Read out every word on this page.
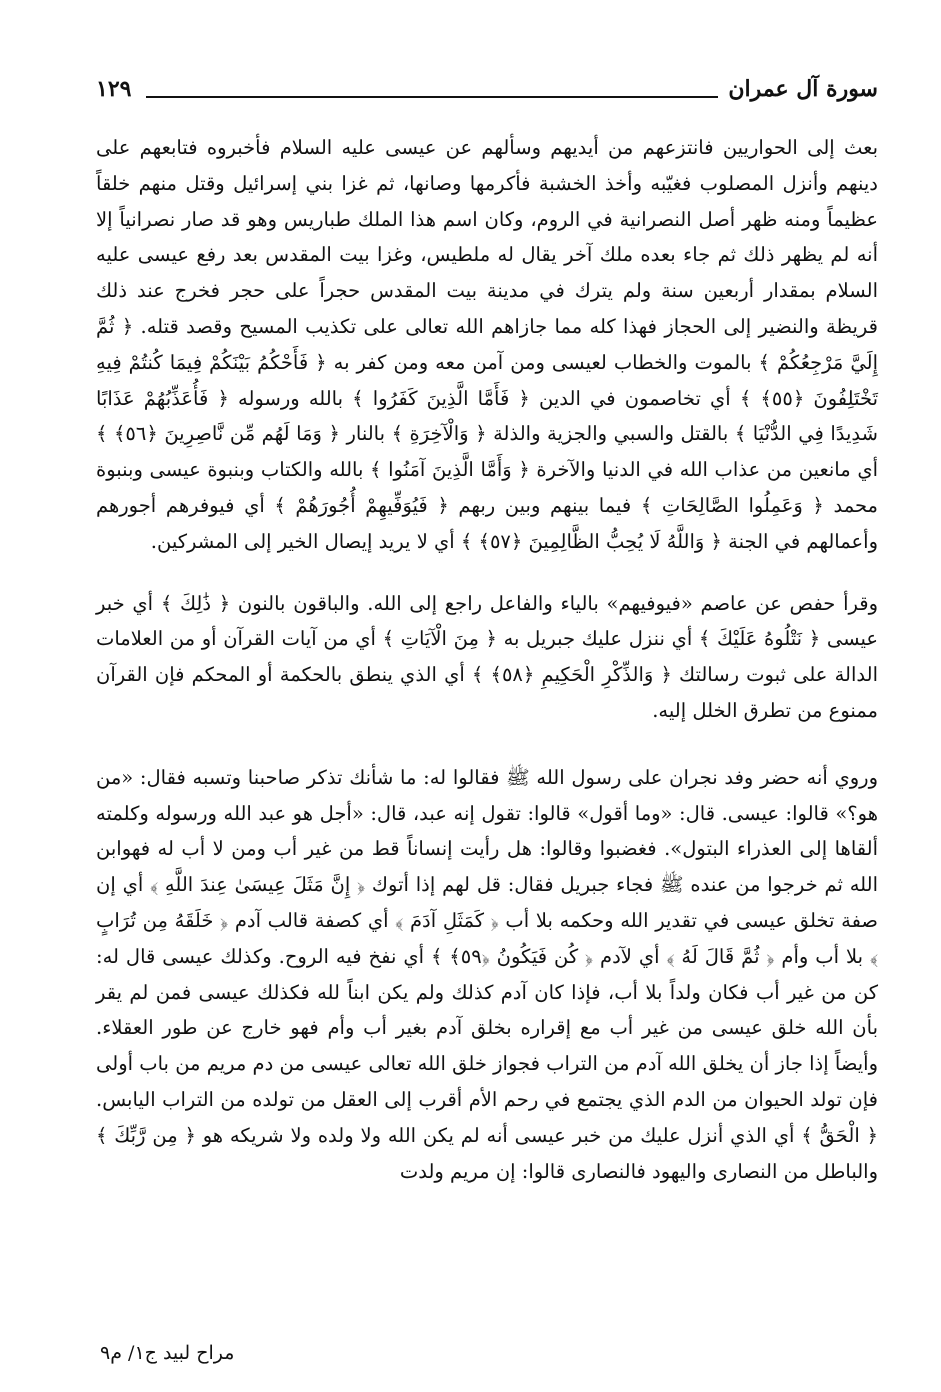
سورة آل عمران
١٢٩

بعث إلى الحواريين فانتزعهم من أيديهم وسألهم عن عيسى عليه السلام فأخبروه فتابعهم على دينهم وأنزل المصلوب فغيّبه وأخذ الخشبة فأكرمها وصانها، ثم غزا بني إسرائيل وقتل منهم خلقاً عظيماً ومنه ظهر أصل النصرانية في الروم، وكان اسم هذا الملك طباريس وهو قد صار نصرانياً إلا أنه لم يظهر ذلك ثم جاء بعده ملك آخر يقال له ملطيس، وغزا بيت المقدس بعد رفع عيسى عليه السلام بمقدار أربعين سنة ولم يترك في مدينة بيت المقدس حجراً على حجر فخرج عند ذلك قريظة والنضير إلى الحجاز فهذا كله مما جازاهم الله تعالى على تكذيب المسيح وقصد قتله. ﴿ ثُمَّ إِلَيَّ مَرْجِعُكُمْ ﴾ بالموت والخطاب لعيسى ومن آمن معه ومن كفر به ﴿ فَأَحْكُمُ بَيْنَكُمْ فِيمَا كُنتُمْ فِيهِ تَخْتَلِفُونَ ﴿٥٥﴾ ﴾ أي تخاصمون في الدين ﴿ فَأَمَّا الَّذِينَ كَفَرُوا ﴾ بالله ورسوله ﴿ فَأُعَذِّبُهُمْ عَذَابًا شَدِيدًا فِي الدُّنْيَا ﴾ بالقتل والسبي والجزية والذلة ﴿ وَالْآخِرَةِ ﴾ بالنار ﴿ وَمَا لَهُم مِّن نَّاصِرِينَ ﴿٥٦﴾ ﴾ أي مانعين من عذاب الله في الدنيا والآخرة ﴿ وَأَمَّا الَّذِينَ آمَنُوا ﴾ بالله والكتاب وبنبوة عيسى وبنبوة محمد ﴿ وَعَمِلُوا الصَّالِحَاتِ ﴾ فيما بينهم وبين ربهم ﴿ فَيُوَفِّيهِمْ أُجُورَهُمْ ﴾ أي فيوفرهم أجورهم وأعمالهم في الجنة ﴿ وَاللَّهُ لَا يُحِبُّ الظَّالِمِينَ ﴿٥٧﴾ ﴾ أي لا يريد إيصال الخير إلى المشركين.

وقرأ حفص عن عاصم «فيوفيهم» بالياء والفاعل راجع إلى الله. والباقون بالنون ﴿ ذَٰلِكَ ﴾ أي خبر عيسى ﴿ نَتْلُوهُ عَلَيْكَ ﴾ أي ننزل عليك جبريل به ﴿ مِنَ الْآيَاتِ ﴾ أي من آيات القرآن أو من العلامات الدالة على ثبوت رسالتك ﴿ وَالذِّكْرِ الْحَكِيمِ ﴿٥٨﴾ ﴾ أي الذي ينطق بالحكمة أو المحكم فإن القرآن ممنوع من تطرق الخلل إليه.

وروي أنه حضر وفد نجران على رسول الله ﷺ فقالوا له: ما شأنك تذكر صاحبنا وتسبه فقال: «من هو؟» قالوا: عيسى. قال: «وما أقول» قالوا: تقول إنه عبد، قال: «أجل هو عبد الله ورسوله وكلمته ألقاها إلى العذراء البتول». فغضبوا وقالوا: هل رأيت إنساناً قط من غير أب ومن لا أب له فهوابن الله ثم خرجوا من عنده ﷺ فجاء جبريل فقال: قل لهم إذا أتوك ﴿ إِنَّ مَثَلَ عِيسَىٰ عِندَ اللَّهِ ﴾ أي إن صفة تخلق عيسى في تقدير الله وحكمه بلا أب ﴿ كَمَثَلِ آدَمَ ﴾ أي كصفة قالب آدم ﴿ خَلَقَهُ مِن تُرَابٍ ﴾ بلا أب وأم ﴿ ثُمَّ قَالَ لَهُ ﴾ أي لآدم ﴿ كُن فَيَكُونُ ﴿٥٩﴾ ﴾ أي نفخ فيه الروح. وكذلك عيسى قال له: كن من غير أب فكان ولداً بلا أب، فإذا كان آدم كذلك ولم يكن ابناً لله فكذلك عيسى فمن لم يقر بأن الله خلق عيسى من غير أب مع إقراره بخلق آدم بغير أب وأم فهو خارج عن طور العقلاء. وأيضاً إذا جاز أن يخلق الله آدم من التراب فجواز خلق الله تعالى عيسى من دم مريم من باب أولى فإن تولد الحيوان من الدم الذي يجتمع في رحم الأم أقرب إلى العقل من تولده من التراب اليابس. ﴿ الْحَقُّ ﴾ أي الذي أنزل عليك من خبر عيسى أنه لم يكن الله ولا ولده ولا شريكه هو ﴿ مِن رَّبِّكَ ﴾ والباطل من النصارى واليهود فالنصارى قالوا: إن مريم ولدت

مراح لبيد ج١/ م٩
